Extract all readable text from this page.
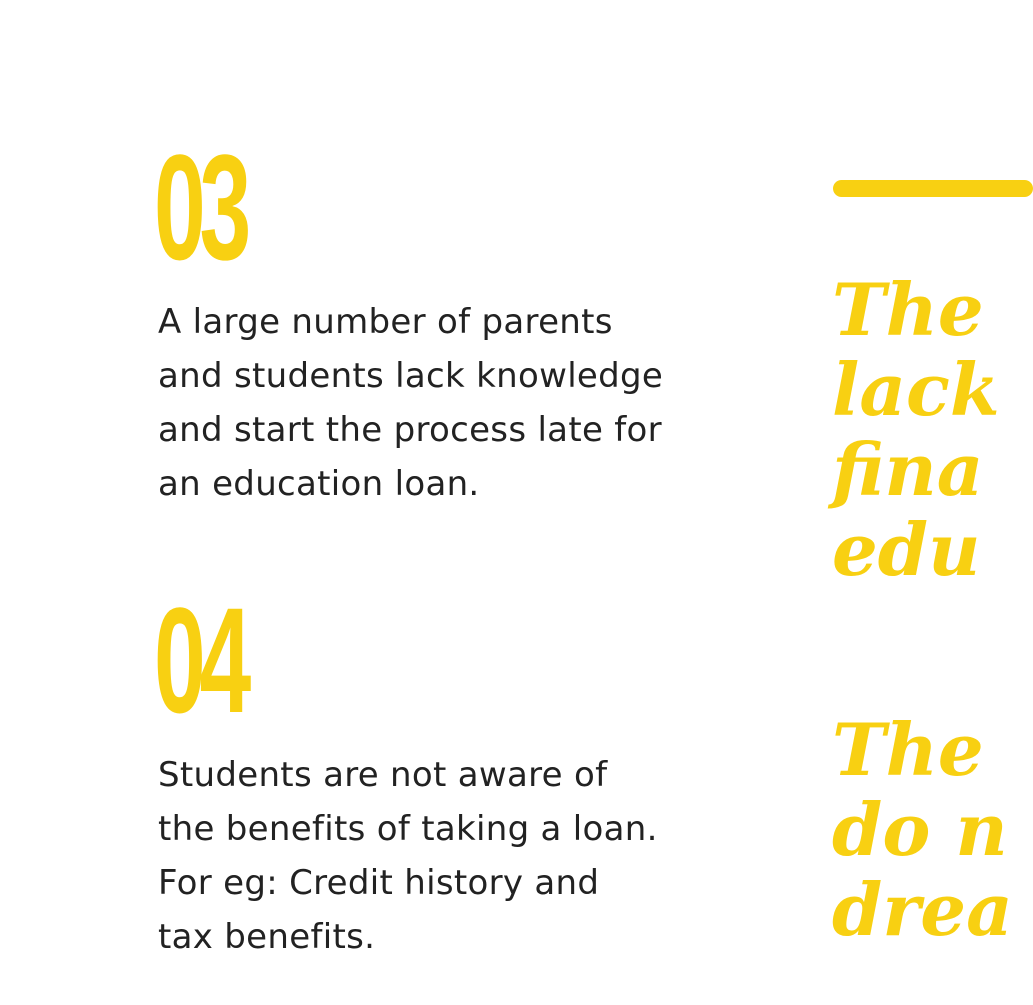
03

A large number of parents
and students lack knowledge
and start the process late for
an education loan.

04

Students are not aware of
the benefits of taking a loan.
For eg: Credit history and
tax benefits.

The
lack
fina
edu

The
do n
drea
